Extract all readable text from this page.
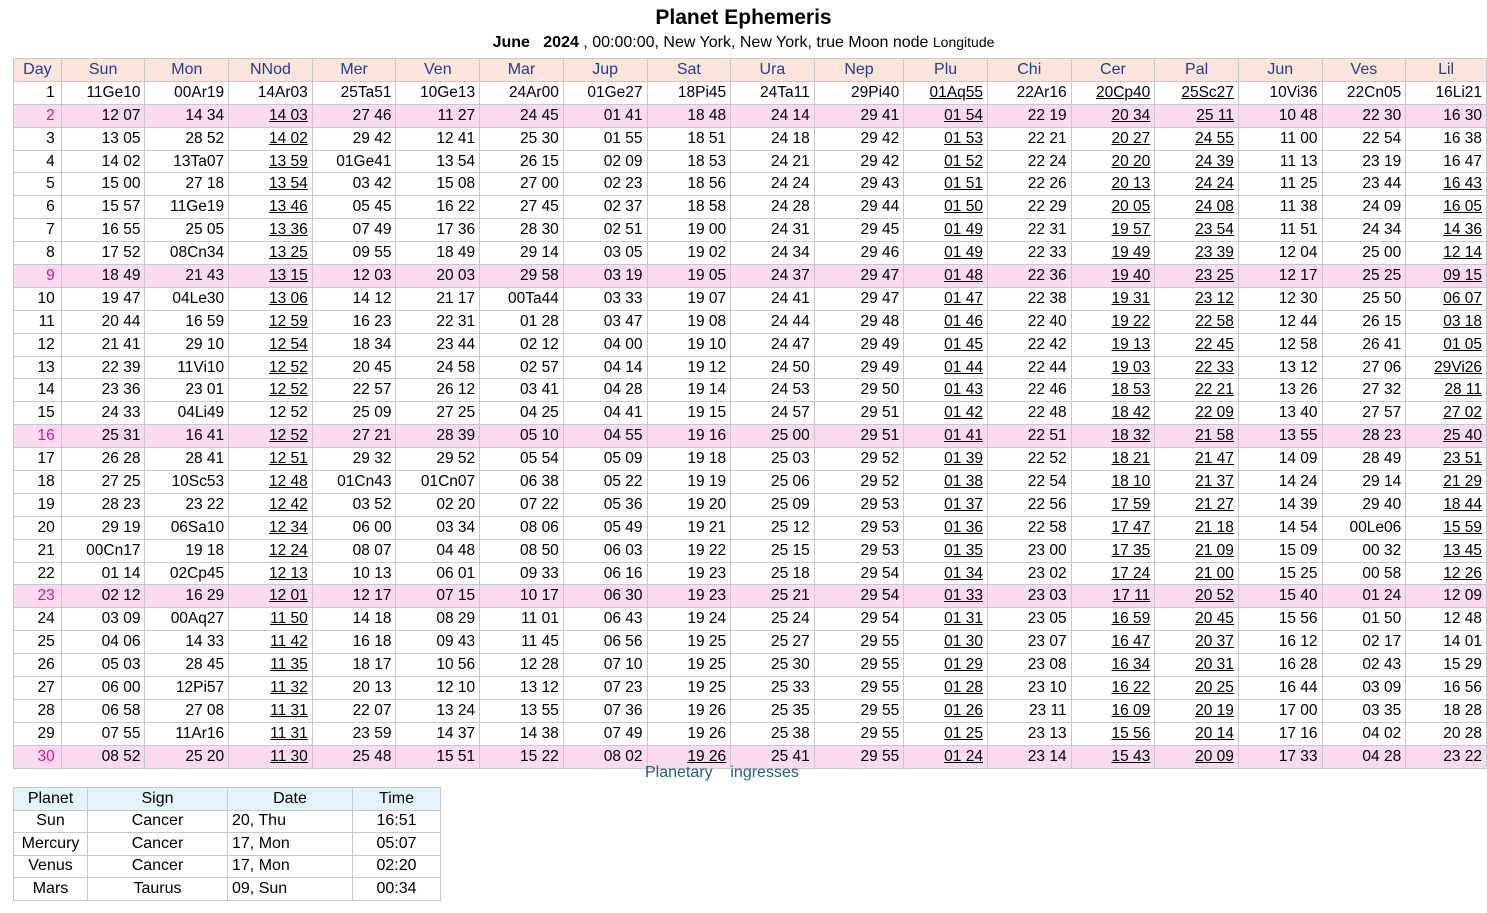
Planet Ephemeris
June 2024 , 00:00:00, New York, New York, true Moon node Longitude
Day	Sun	Mon	NNod	Mer	Ven	Mar	Jup	Sat	Ura	Nep	Plu	Chi	Cer	Pal	Jun	Ves	Lil
1	11Ge10	00Ar19	14Ar03	25Ta51	10Ge13	24Ar00	01Ge27	18Pi45	24Ta11	29Pi40	01Aq55	22Ar16	20Cp40	25Sc27	10Vi36	22Cn05	16Li21
2	12 07	14 34	14 03	27 46	11 27	24 45	01 41	18 48	24 14	29 41	01 54	22 19	20 34	25 11	10 48	22 30	16 30
3	13 05	28 52	14 02	29 42	12 41	25 30	01 55	18 51	24 18	29 42	01 53	22 21	20 27	24 55	11 00	22 54	16 38
4	14 02	13Ta07	13 59	01Ge41	13 54	26 15	02 09	18 53	24 21	29 42	01 52	22 24	20 20	24 39	11 13	23 19	16 47
5	15 00	27 18	13 54	03 42	15 08	27 00	02 23	18 56	24 24	29 43	01 51	22 26	20 13	24 24	11 25	23 44	16 43
6	15 57	11Ge19	13 46	05 45	16 22	27 45	02 37	18 58	24 28	29 44	01 50	22 29	20 05	24 08	11 38	24 09	16 05
7	16 55	25 05	13 36	07 49	17 36	28 30	02 51	19 00	24 31	29 45	01 49	22 31	19 57	23 54	11 51	24 34	14 36
8	17 52	08Cn34	13 25	09 55	18 49	29 14	03 05	19 02	24 34	29 46	01 49	22 33	19 49	23 39	12 04	25 00	12 14
9	18 49	21 43	13 15	12 03	20 03	29 58	03 19	19 05	24 37	29 47	01 48	22 36	19 40	23 25	12 17	25 25	09 15
10	19 47	04Le30	13 06	14 12	21 17	00Ta44	03 33	19 07	24 41	29 47	01 47	22 38	19 31	23 12	12 30	25 50	06 07
11	20 44	16 59	12 59	16 23	22 31	01 28	03 47	19 08	24 44	29 48	01 46	22 40	19 22	22 58	12 44	26 15	03 18
12	21 41	29 10	12 54	18 34	23 44	02 12	04 00	19 10	24 47	29 49	01 45	22 42	19 13	22 45	12 58	26 41	01 05
13	22 39	11Vi10	12 52	20 45	24 58	02 57	04 14	19 12	24 50	29 49	01 44	22 44	19 03	22 33	13 12	27 06	29Vi26
14	23 36	23 01	12 52	22 57	26 12	03 41	04 28	19 14	24 53	29 50	01 43	22 46	18 53	22 21	13 26	27 32	28 11
15	24 33	04Li49	12 52	25 09	27 25	04 25	04 41	19 15	24 57	29 51	01 42	22 48	18 42	22 09	13 40	27 57	27 02
16	25 31	16 41	12 52	27 21	28 39	05 10	04 55	19 16	25 00	29 51	01 41	22 51	18 32	21 58	13 55	28 23	25 40
17	26 28	28 41	12 51	29 32	29 52	05 54	05 09	19 18	25 03	29 52	01 39	22 52	18 21	21 47	14 09	28 49	23 51
18	27 25	10Sc53	12 48	01Cn43	01Cn07	06 38	05 22	19 19	25 06	29 52	01 38	22 54	18 10	21 37	14 24	29 14	21 29
19	28 23	23 22	12 42	03 52	02 20	07 22	05 36	19 20	25 09	29 53	01 37	22 56	17 59	21 27	14 39	29 40	18 44
20	29 19	06Sa10	12 34	06 00	03 34	08 06	05 49	19 21	25 12	29 53	01 36	22 58	17 47	21 18	14 54	00Le06	15 59
21	00Cn17	19 18	12 24	08 07	04 48	08 50	06 03	19 22	25 15	29 53	01 35	23 00	17 35	21 09	15 09	00 32	13 45
22	01 14	02Cp45	12 13	10 13	06 01	09 33	06 16	19 23	25 18	29 54	01 34	23 02	17 24	21 00	15 25	00 58	12 26
23	02 12	16 29	12 01	12 17	07 15	10 17	06 30	19 23	25 21	29 54	01 33	23 03	17 11	20 52	15 40	01 24	12 09
24	03 09	00Aq27	11 50	14 18	08 29	11 01	06 43	19 24	25 24	29 54	01 31	23 05	16 59	20 45	15 56	01 50	12 48
25	04 06	14 33	11 42	16 18	09 43	11 45	06 56	19 25	25 27	29 55	01 30	23 07	16 47	20 37	16 12	02 17	14 01
26	05 03	28 45	11 35	18 17	10 56	12 28	07 10	19 25	25 30	29 55	01 29	23 08	16 34	20 31	16 28	02 43	15 29
27	06 00	12Pi57	11 32	20 13	12 10	13 12	07 23	19 25	25 33	29 55	01 28	23 10	16 22	20 25	16 44	03 09	16 56
28	06 58	27 08	11 31	22 07	13 24	13 55	07 36	19 26	25 35	29 55	01 26	23 11	16 09	20 19	17 00	03 35	18 28
29	07 55	11Ar16	11 31	23 59	14 37	14 38	07 49	19 26	25 38	29 55	01 25	23 13	15 56	20 14	17 16	04 02	20 28
30	08 52	25 20	11 30	25 48	15 51	15 22	08 02	19 26	25 41	29 55	01 24	23 14	15 43	20 09	17 33	04 28	23 22
Planetary ingresses
Planet	Sign	Date	Time
Sun	Cancer	20, Thu	16:51
Mercury	Cancer	17, Mon	05:07
Venus	Cancer	17, Mon	02:20
Mars	Taurus	09, Sun	00:34
